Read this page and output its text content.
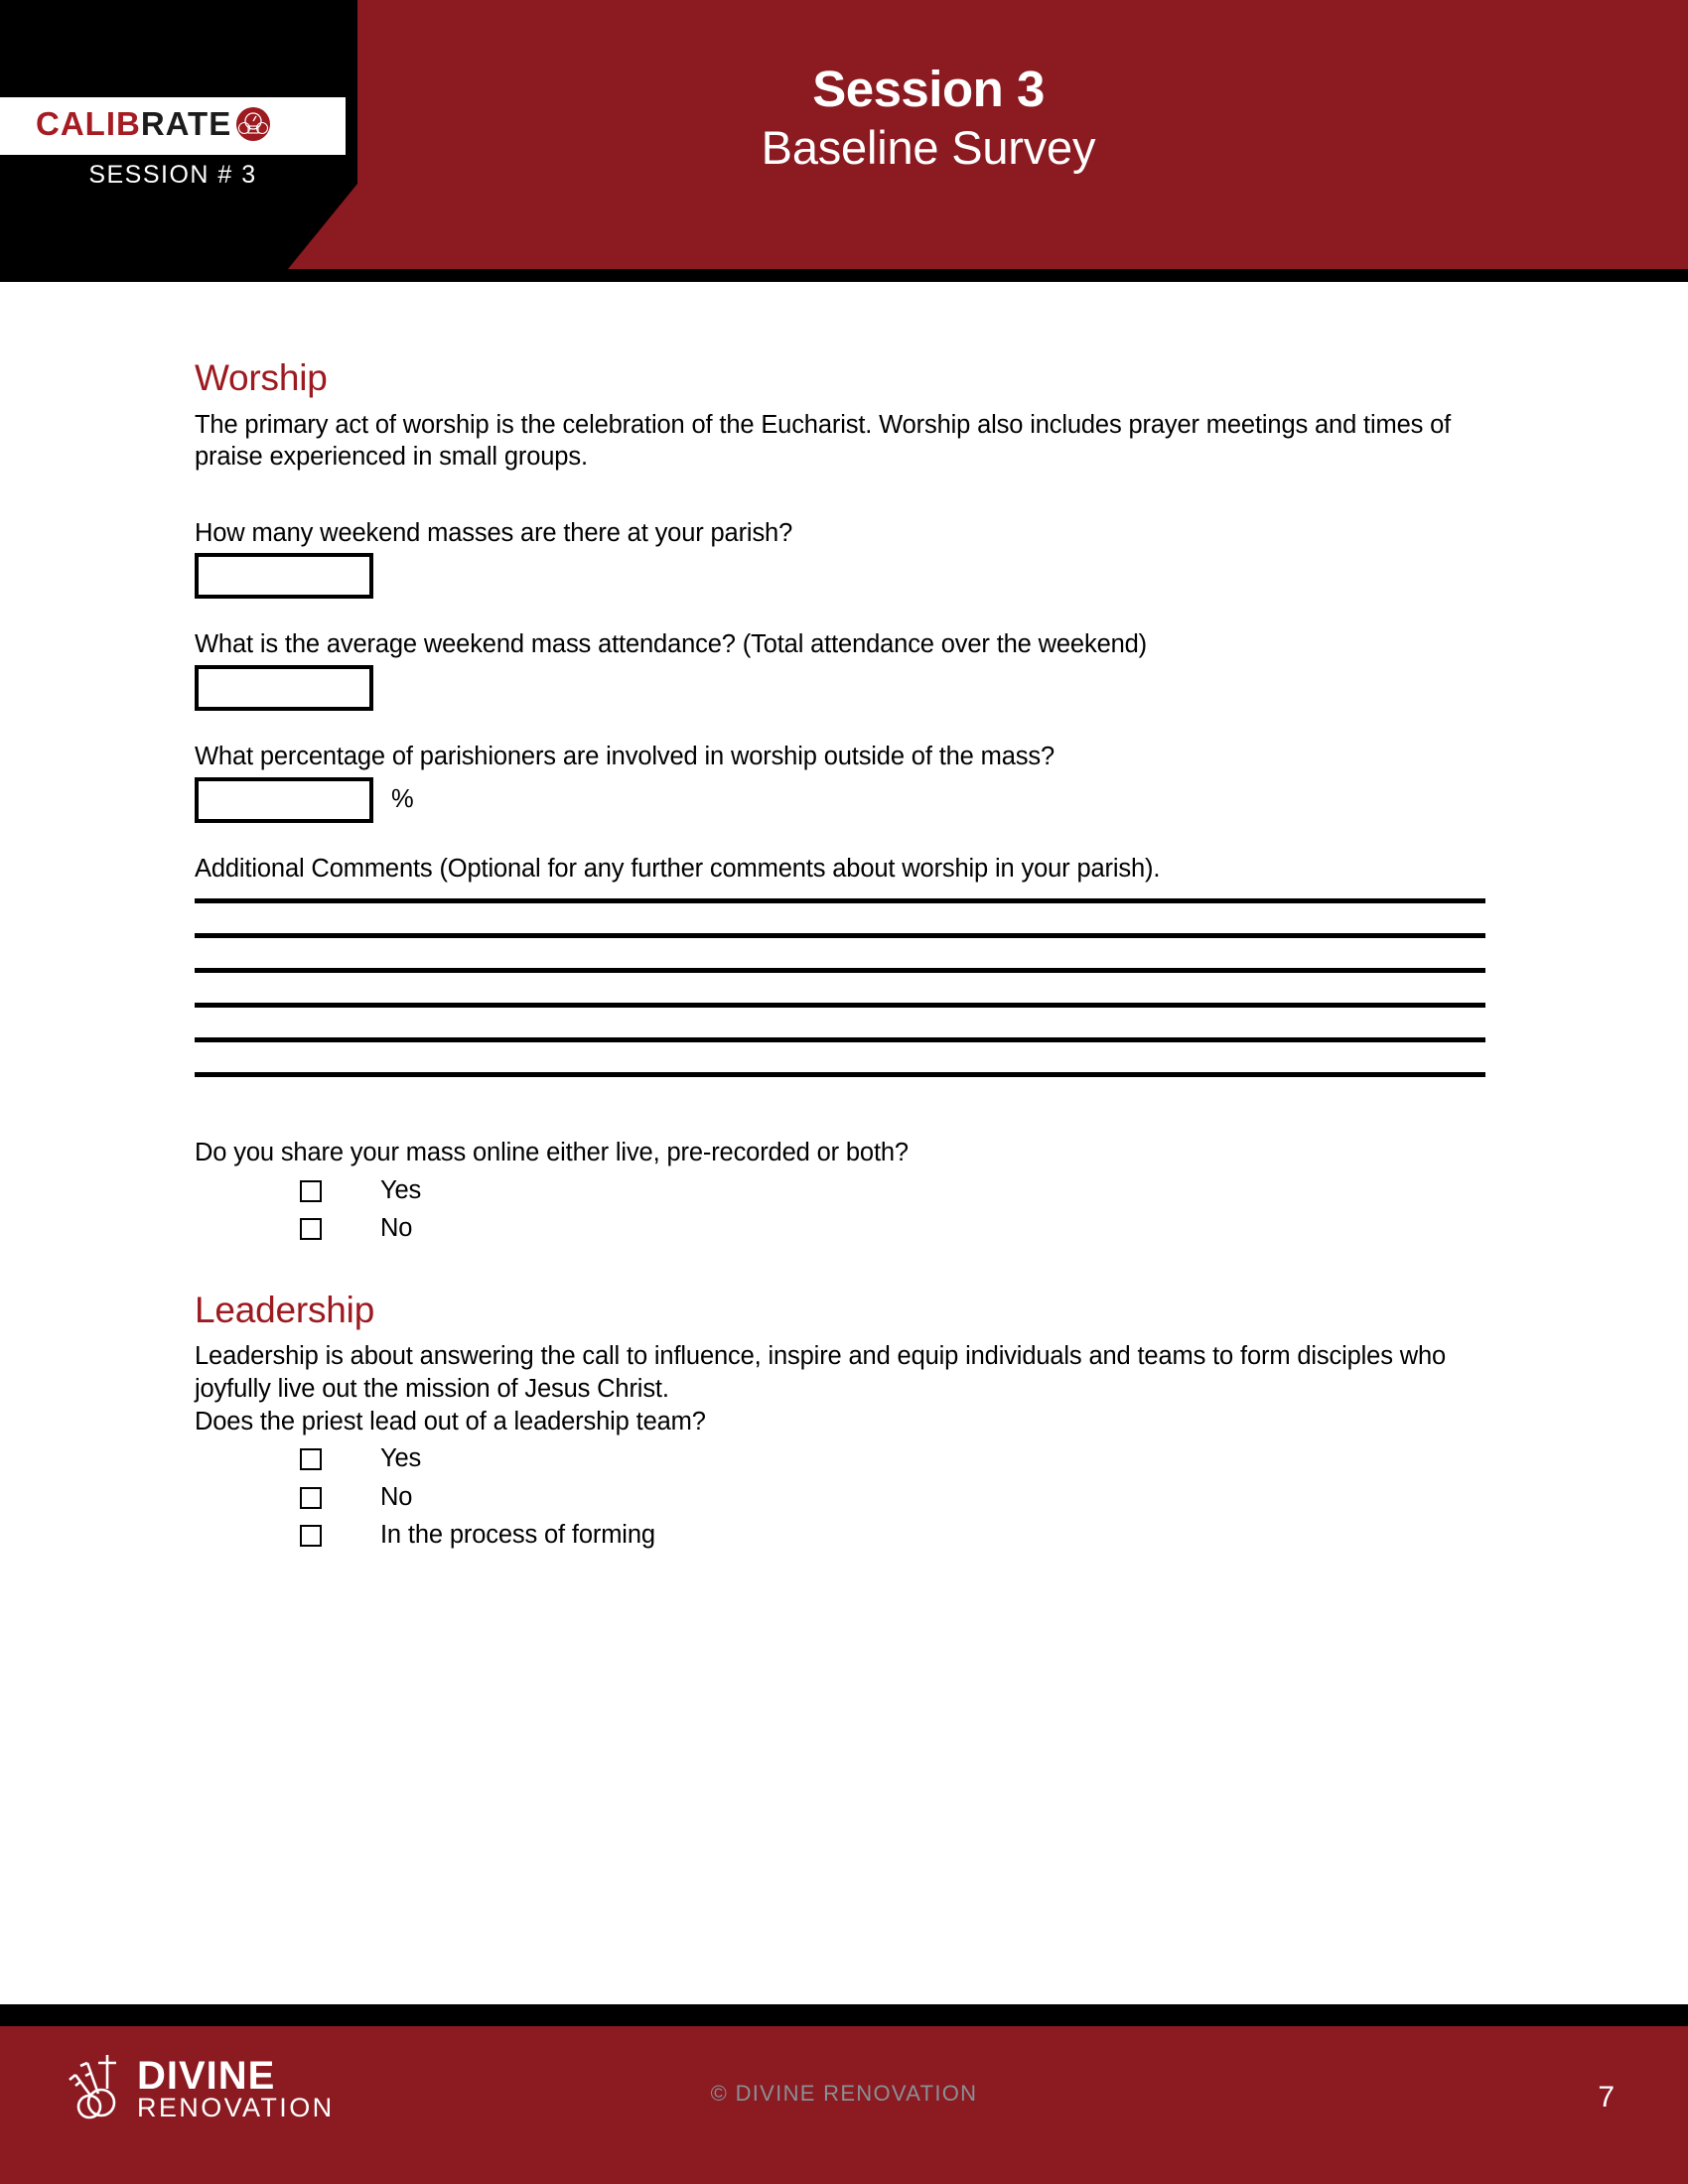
CALIBRATE
SESSION # 3
Session 3
Baseline Survey
Worship
The primary act of worship is the celebration of the Eucharist. Worship also includes prayer meetings and times of praise experienced in small groups.
How many weekend masses are there at your parish?
What is the average weekend mass attendance? (Total attendance over the weekend)
What percentage of parishioners are involved in worship outside of the mass?
%
Additional Comments (Optional for any further comments about worship in your parish).
Do you share your mass online either live, pre-recorded or both?
Yes
No
Leadership
Leadership is about answering the call to influence, inspire and equip individuals and teams to form disciples who joyfully live out the mission of Jesus Christ.
Does the priest lead out of a leadership team?
Yes
No
In the process of forming
DIVINE
RENOVATION	© DIVINE RENOVATION	7
